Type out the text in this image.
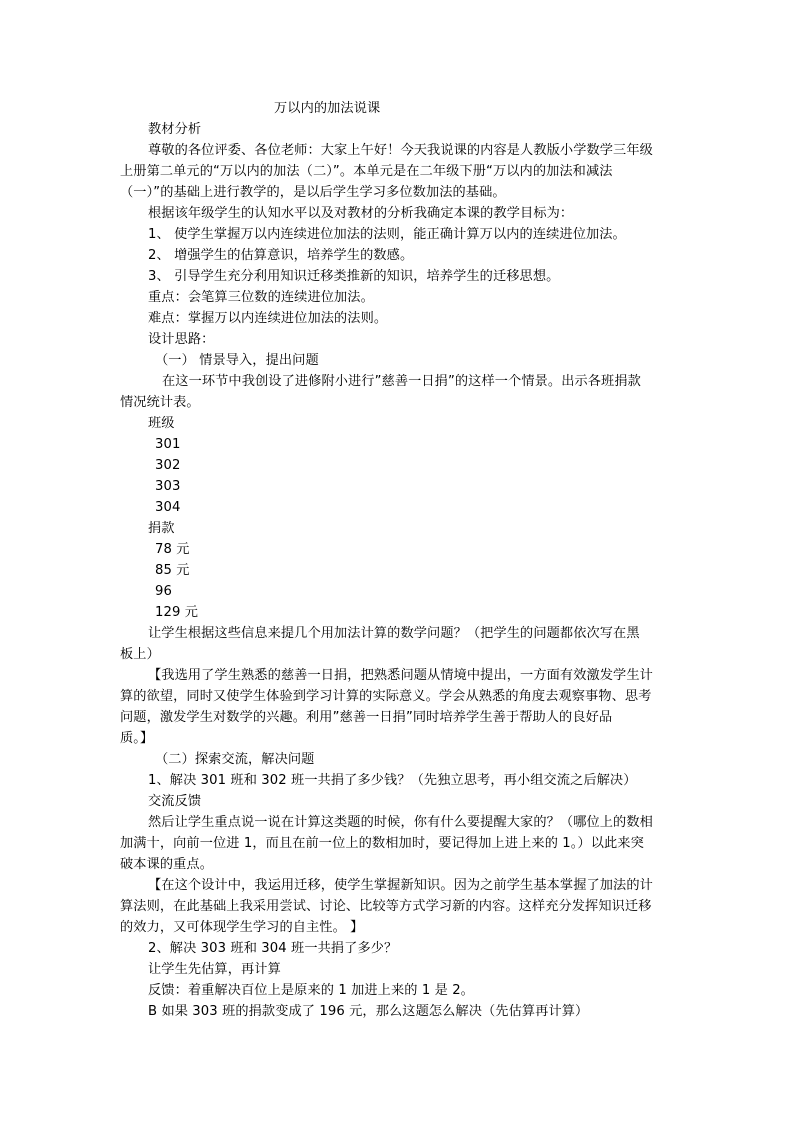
万以内的加法说课
教材分析
尊敬的各位评委、各位老师：大家上午好！今天我说课的内容是人教版小学数学三年级
上册第二单元的“万以内的加法（二）”。本单元是在二年级下册“万以内的加法和减法
（一）”的基础上进行教学的，是以后学生学习多位数加法的基础。
根据该年级学生的认知水平以及对教材的分析我确定本课的教学目标为：
1、 使学生掌握万以内连续进位加法的法则，能正确计算万以内的连续进位加法。
2、 增强学生的估算意识，培养学生的数感。
3、 引导学生充分利用知识迁移类推新的知识，培养学生的迁移思想。
重点：会笔算三位数的连续进位加法。
难点：掌握万以内连续进位加法的法则。
设计思路：
（一） 情景导入，提出问题
在这一环节中我创设了进修附小进行”慈善一日捐”的这样一个情景。出示各班捐款
情况统计表。
班级
301
302
303
304
捐款
78 元
85 元
96
129 元
让学生根据这些信息来提几个用加法计算的数学问题？（把学生的问题都依次写在黑
板上）
【我选用了学生熟悉的慈善一日捐，把熟悉问题从情境中提出，一方面有效激发学生计
算的欲望，同时又使学生体验到学习计算的实际意义。学会从熟悉的角度去观察事物、思考
问题，激发学生对数学的兴趣。利用”慈善一日捐”同时培养学生善于帮助人的良好品
质。】
（二）探索交流，解决问题
1、解决 301 班和 302 班一共捐了多少钱？（先独立思考，再小组交流之后解决）
交流反馈
然后让学生重点说一说在计算这类题的时候，你有什么要提醒大家的？（哪位上的数相
加满十，向前一位进 1，而且在前一位上的数相加时，要记得加上进上来的 1。）以此来突
破本课的重点。
【在这个设计中，我运用迁移，使学生掌握新知识。因为之前学生基本掌握了加法的计
算法则，在此基础上我采用尝试、讨论、比较等方式学习新的内容。这样充分发挥知识迁移
的效力，又可体现学生学习的自主性。 】
2、解决 303 班和 304 班一共捐了多少？
让学生先估算，再计算
反馈：着重解决百位上是原来的 1 加进上来的 1 是 2。
B 如果 303 班的捐款变成了 196 元，那么这题怎么解决（先估算再计算）
